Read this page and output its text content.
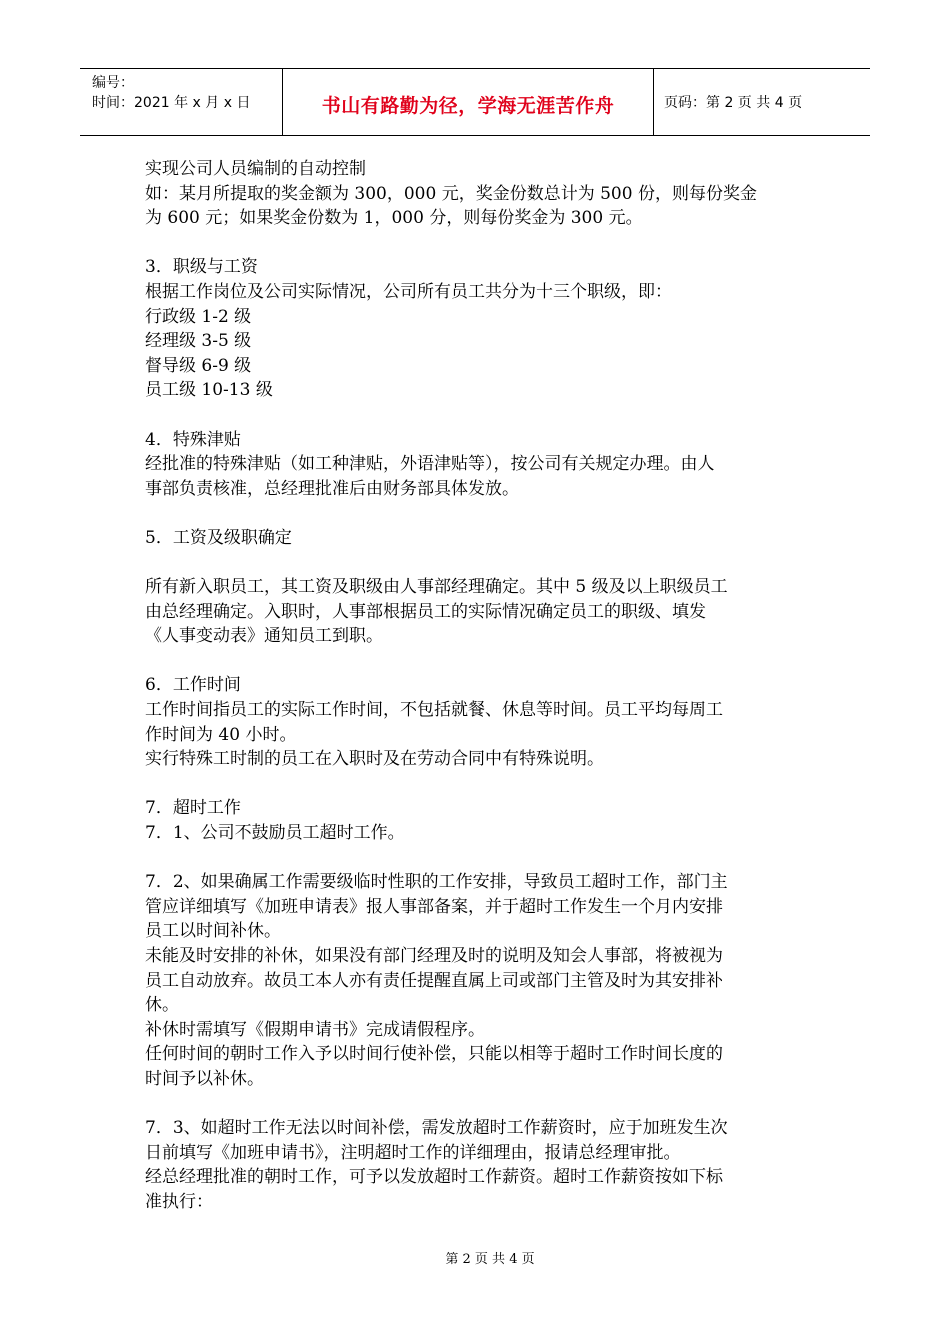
编号：
时间：2021 年 x 月 x 日	书山有路勤为径，学海无涯苦作舟	页码：第 2 页 共 4 页

实现公司人员编制的自动控制

如：某月所提取的奖金额为 300，000 元，奖金份数总计为 500 份，则每份奖金

为 600 元；如果奖金份数为 1，000 分，则每份奖金为 300 元。

3．职级与工资

根据工作岗位及公司实际情况，公司所有员工共分为十三个职级，即：

行政级 1-2 级

经理级 3-5 级

督导级 6-9 级

员工级 10-13 级

4．特殊津贴

经批准的特殊津贴（如工种津贴，外语津贴等），按公司有关规定办理。由人

事部负责核准，总经理批准后由财务部具体发放。

5．工资及级职确定

所有新入职员工，其工资及职级由人事部经理确定。其中 5 级及以上职级员工

由总经理确定。入职时，人事部根据员工的实际情况确定员工的职级、填发

《人事变动表》通知员工到职。

6．工作时间

工作时间指员工的实际工作时间，不包括就餐、休息等时间。员工平均每周工

作时间为 40 小时。

实行特殊工时制的员工在入职时及在劳动合同中有特殊说明。

7．超时工作

7．1、公司不鼓励员工超时工作。

7．2、如果确属工作需要级临时性职的工作安排，导致员工超时工作，部门主

管应详细填写《加班申请表》报人事部备案，并于超时工作发生一个月内安排

员工以时间补休。

未能及时安排的补休，如果没有部门经理及时的说明及知会人事部，将被视为

员工自动放弃。故员工本人亦有责任提醒直属上司或部门主管及时为其安排补

休。

补休时需填写《假期申请书》完成请假程序。

任何时间的朝时工作入予以时间行使补偿，只能以相等于超时工作时间长度的

时间予以补休。

7．3、如超时工作无法以时间补偿，需发放超时工作薪资时，应于加班发生次

日前填写《加班申请书》，注明超时工作的详细理由，报请总经理审批。

经总经理批准的朝时工作，可予以发放超时工作薪资。超时工作薪资按如下标

准执行：

第 2 页 共 4 页
